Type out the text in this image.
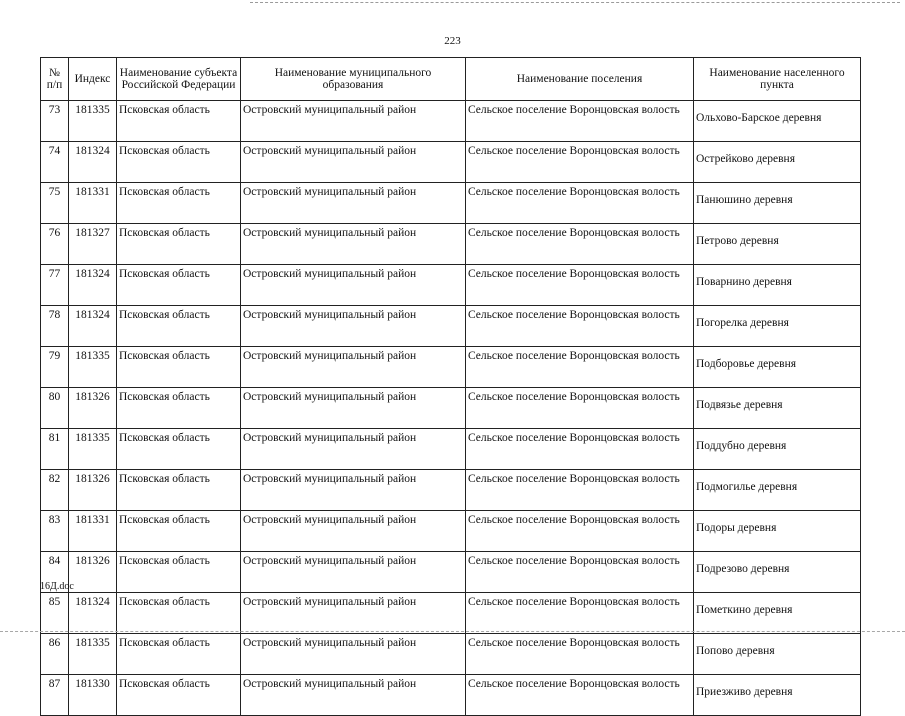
223
№ п/п	Индекс	Наименование субъекта Российской Федерации	Наименование муниципального образования	Наименование поселения	Наименование населенного пункта
73	181335	Псковская область	Островский муниципальный район	Сельское поселение Воронцовская волость	Ольхово-Барское деревня
74	181324	Псковская область	Островский муниципальный район	Сельское поселение Воронцовская волость	Острейково деревня
75	181331	Псковская область	Островский муниципальный район	Сельское поселение Воронцовская волость	Панюшино деревня
76	181327	Псковская область	Островский муниципальный район	Сельское поселение Воронцовская волость	Петрово деревня
77	181324	Псковская область	Островский муниципальный район	Сельское поселение Воронцовская волость	Поварнино деревня
78	181324	Псковская область	Островский муниципальный район	Сельское поселение Воронцовская волость	Погорелка деревня
79	181335	Псковская область	Островский муниципальный район	Сельское поселение Воронцовская волость	Подборовье деревня
80	181326	Псковская область	Островский муниципальный район	Сельское поселение Воронцовская волость	Подвязье деревня
81	181335	Псковская область	Островский муниципальный район	Сельское поселение Воронцовская волость	Поддубно деревня
82	181326	Псковская область	Островский муниципальный район	Сельское поселение Воронцовская волость	Подмогилье деревня
83	181331	Псковская область	Островский муниципальный район	Сельское поселение Воронцовская волость	Подоры деревня
84	181326	Псковская область	Островский муниципальный район	Сельское поселение Воронцовская волость	Подрезово деревня
85	181324	Псковская область	Островский муниципальный район	Сельское поселение Воронцовская волость	Пометкино деревня
86	181335	Псковская область	Островский муниципальный район	Сельское поселение Воронцовская волость	Попово деревня
87	181330	Псковская область	Островский муниципальный район	Сельское поселение Воронцовская волость	Приезживо деревня
16Д.doc
